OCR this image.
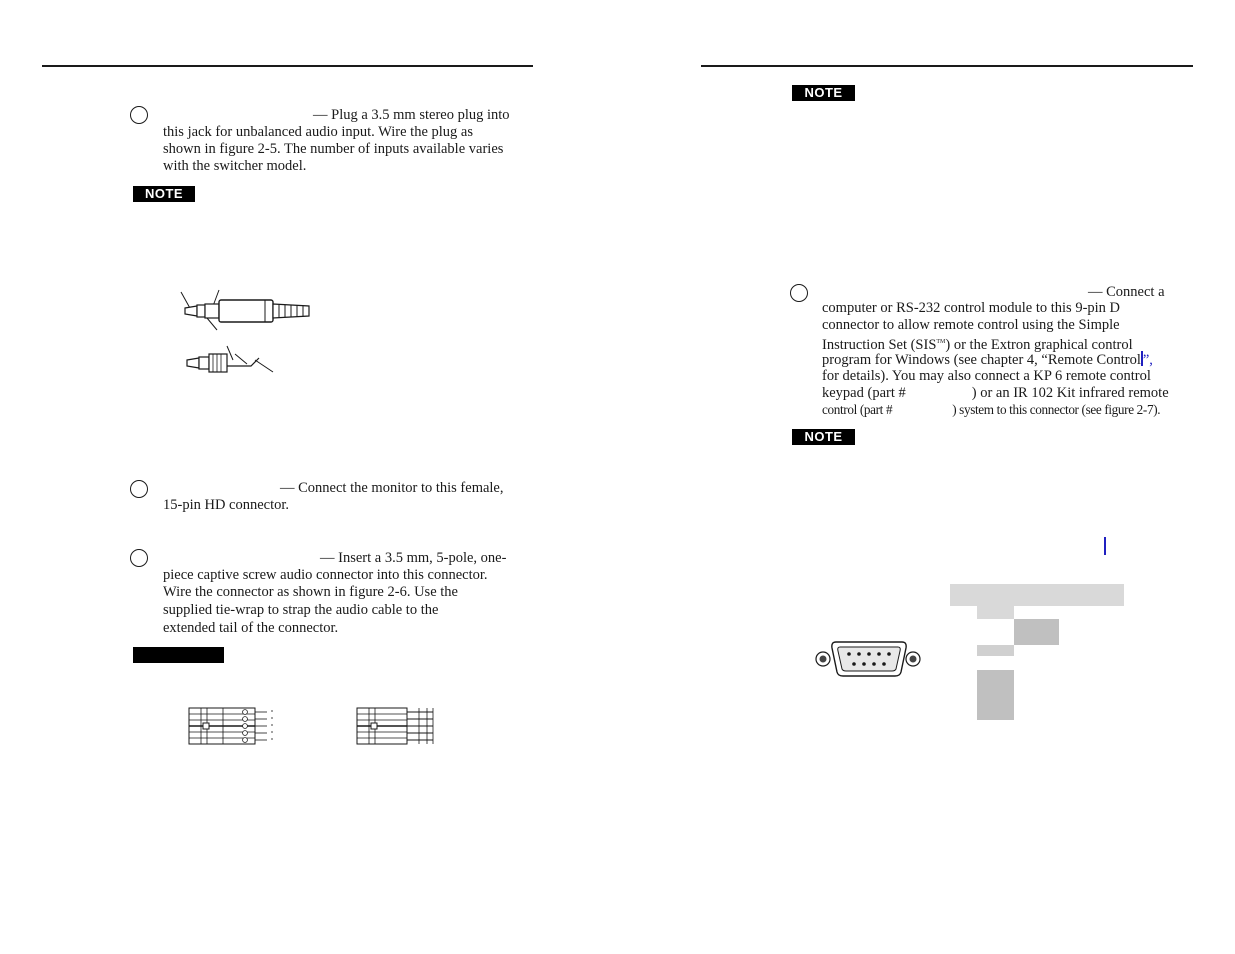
— Plug a 3.5 mm stereo plug into
this jack for unbalanced audio input. Wire the plug as
shown in figure 2-5. The number of inputs available varies
with the switcher model.
NOTE
— Connect the monitor to this female,
15-pin HD connector.
— Insert a 3.5 mm, 5-pole, one-
piece captive screw audio connector into this connector.
Wire the connector as shown in figure 2-6. Use the
supplied tie-wrap to strap the audio cable to the
extended tail of the connector.
NOTE
— Connect a
computer or RS-232 control module to this 9-pin D
connector to allow remote control using the Simple
Instruction Set (SIS™) or the Extron graphical control
program for Windows (see chapter 4, “Remote Control ”,
for details). You may also connect a KP 6 remote control
keypad (part #	) or an IR 102 Kit infrared remote
control (part #	) system to this connector (see figure 2-7).
NOTE
